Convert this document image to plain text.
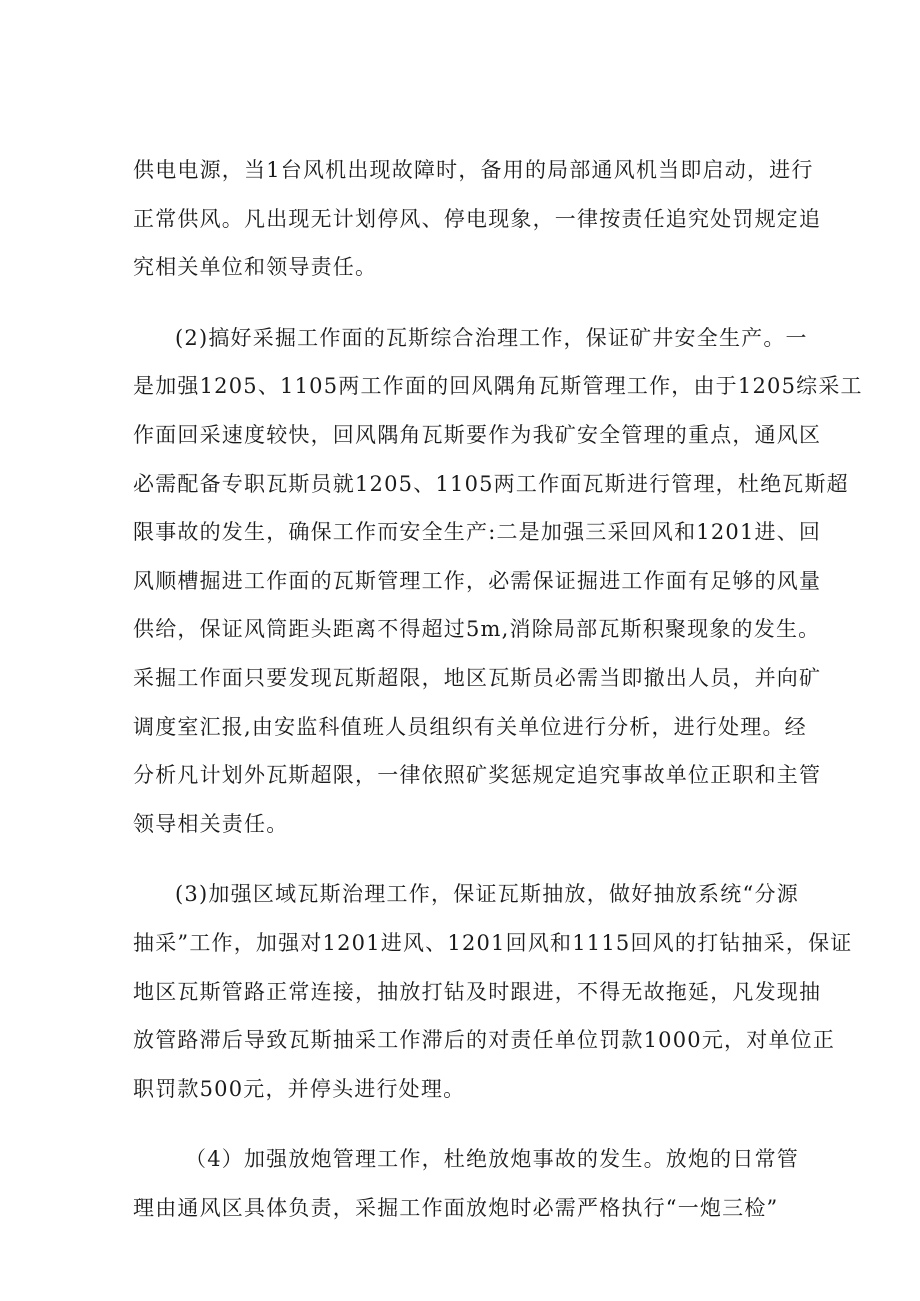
供电电源，当1台风机出现故障时，备用的局部通风机当即启动，进行
正常供风。凡出现无计划停风、停电现象，一律按责任追究处罚规定追
究相关单位和领导责任。
(2)搞好采掘工作面的瓦斯综合治理工作，保证矿井安全生产。一
是加强1205、1105两工作面的回风隅角瓦斯管理工作，由于1205综采工
作面回采速度较快，回风隅角瓦斯要作为我矿安全管理的重点，通风区
必需配备专职瓦斯员就1205、1105两工作面瓦斯进行管理，杜绝瓦斯超
限事故的发生，确保工作而安全生产:二是加强三采回风和1201进、回
风顺槽掘进工作面的瓦斯管理工作，必需保证掘进工作面有足够的风量
供给，保证风筒距头距离不得超过5m,消除局部瓦斯积聚现象的发生。
采掘工作面只要发现瓦斯超限，地区瓦斯员必需当即撤出人员，并向矿
调度室汇报,由安监科值班人员组织有关单位进行分析，进行处理。经
分析凡计划外瓦斯超限，一律依照矿奖惩规定追究事故单位正职和主管
领导相关责任。
(3)加强区域瓦斯治理工作，保证瓦斯抽放，做好抽放系统“分源
抽采”工作，加强对1201进风、1201回风和1115回风的打钻抽采，保证
地区瓦斯管路正常连接，抽放打钻及时跟进，不得无故拖延，凡发现抽
放管路滞后导致瓦斯抽采工作滞后的对责任单位罚款1000元，对单位正
职罚款500元，并停头进行处理。
（4）加强放炮管理工作，杜绝放炮事故的发生。放炮的日常管
理由通风区具体负责，采掘工作面放炮时必需严格执行“一炮三检”
